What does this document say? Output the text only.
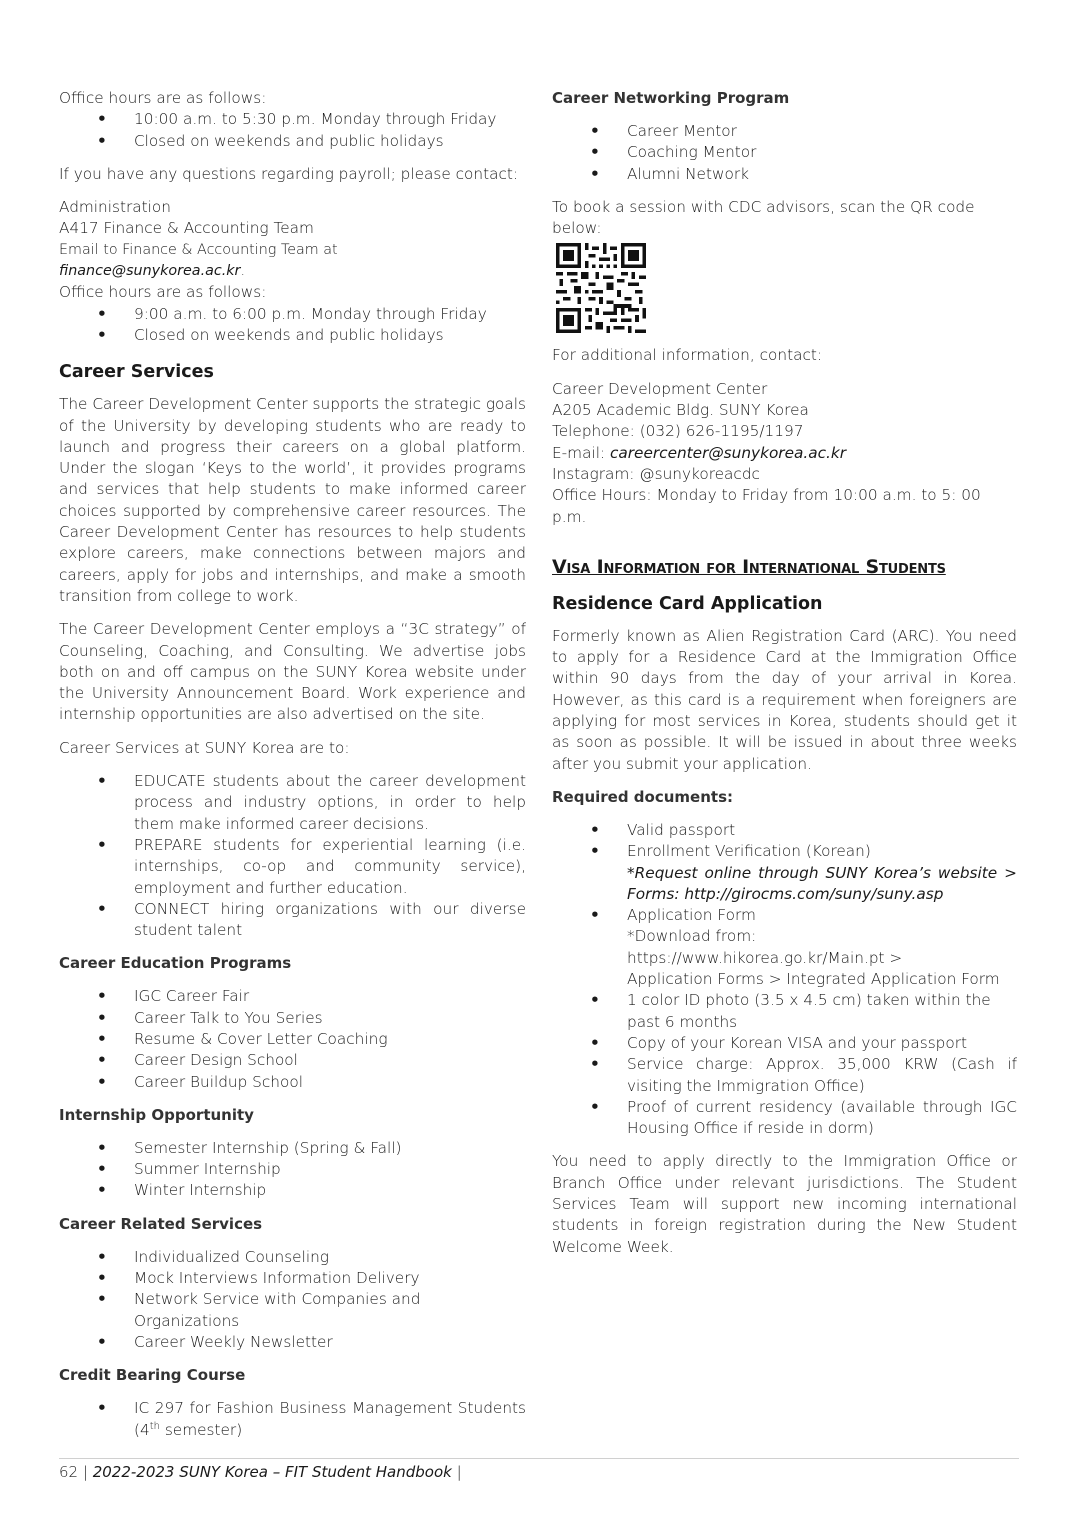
Office hours are as follows:

• 10:00 a.m. to 5:30 p.m. Monday through Friday
• Closed on weekends and public holidays

If you have any questions regarding payroll; please contact:

Administration

A417 Finance & Accounting Team

Email to Finance & Accounting Team at finance@sunykorea.ac.kr.

Office hours are as follows:

• 9:00 a.m. to 6:00 p.m. Monday through Friday
• Closed on weekends and public holidays
Career Services

The Career Development Center supports the strategic goals of the University by developing students who are ready to launch and progress their careers on a global platform. Under the slogan ‘Keys to the world’, it provides programs and services that help students to make informed career choices supported by comprehensive career resources. The Career Development Center has resources to help students explore careers, make connections between majors and careers, apply for jobs and internships, and make a smooth transition from college to work.

The Career Development Center employs a “3C strategy” of Counseling, Coaching, and Consulting. We advertise jobs both on and off campus on the SUNY Korea website under the University Announcement Board. Work experience and internship opportunities are also advertised on the site.

Career Services at SUNY Korea are to:

• EDUCATE students about the career development process and industry options, in order to help them make informed career decisions.
• PREPARE students for experiential learning (i.e. internships, co-op and community service), employment and further education.
• CONNECT hiring organizations with our diverse student talent
Career Education Programs
• IGC Career Fair
• Career Talk to You Series
• Resume & Cover Letter Coaching
• Career Design School
• Career Buildup School
Internship Opportunity
• Semester Internship (Spring & Fall)
• Summer Internship
• Winter Internship
Career Related Services
• Individualized Counseling
• Mock Interviews Information Delivery
• Network Service with Companies and Organizations
• Career Weekly Newsletter
Credit Bearing Course
• IC 297 for Fashion Business Management Students (4th semester)
Career Networking Program
• Career Mentor
• Coaching Mentor
• Alumni Network

To book a session with CDC advisors, scan the QR code below:

For additional information, contact:

Career Development Center

A205 Academic Bldg. SUNY Korea

Telephone: (032) 626-1195/1197

E-mail: careercenter@sunykorea.ac.kr

Instagram: @sunykoreacdc

Office Hours: Monday to Friday from 10:00 a.m. to 5: 00 p.m.

Visa Information for International Students
Residence Card Application

Formerly known as Alien Registration Card (ARC). You need to apply for a Residence Card at the Immigration Office within 90 days from the day of your arrival in Korea. However, as this card is a requirement when foreigners are applying for most services in Korea, students should get it as soon as possible. It will be issued in about three weeks after you submit your application.

Required documents:
• Valid passport
• Enrollment Verification (Korean)
*Request online through SUNY Korea’s website > Forms: http://girocms.com/suny/suny.asp
• Application Form
*Download from:
https://www.hikorea.go.kr/Main.pt >
Application Forms > Integrated Application Form
• 1 color ID photo (3.5 x 4.5 cm) taken within the past 6 months
• Copy of your Korean VISA and your passport
• Service charge: Approx. 35,000 KRW (Cash if visiting the Immigration Office)
• Proof of current residency (available through IGC Housing Office if reside in dorm)

You need to apply directly to the Immigration Office or Branch Office under relevant jurisdictions. The Student Services Team will support new incoming international students in foreign registration during the New Student Welcome Week.

62 | 2022-2023 SUNY Korea – FIT Student Handbook |
